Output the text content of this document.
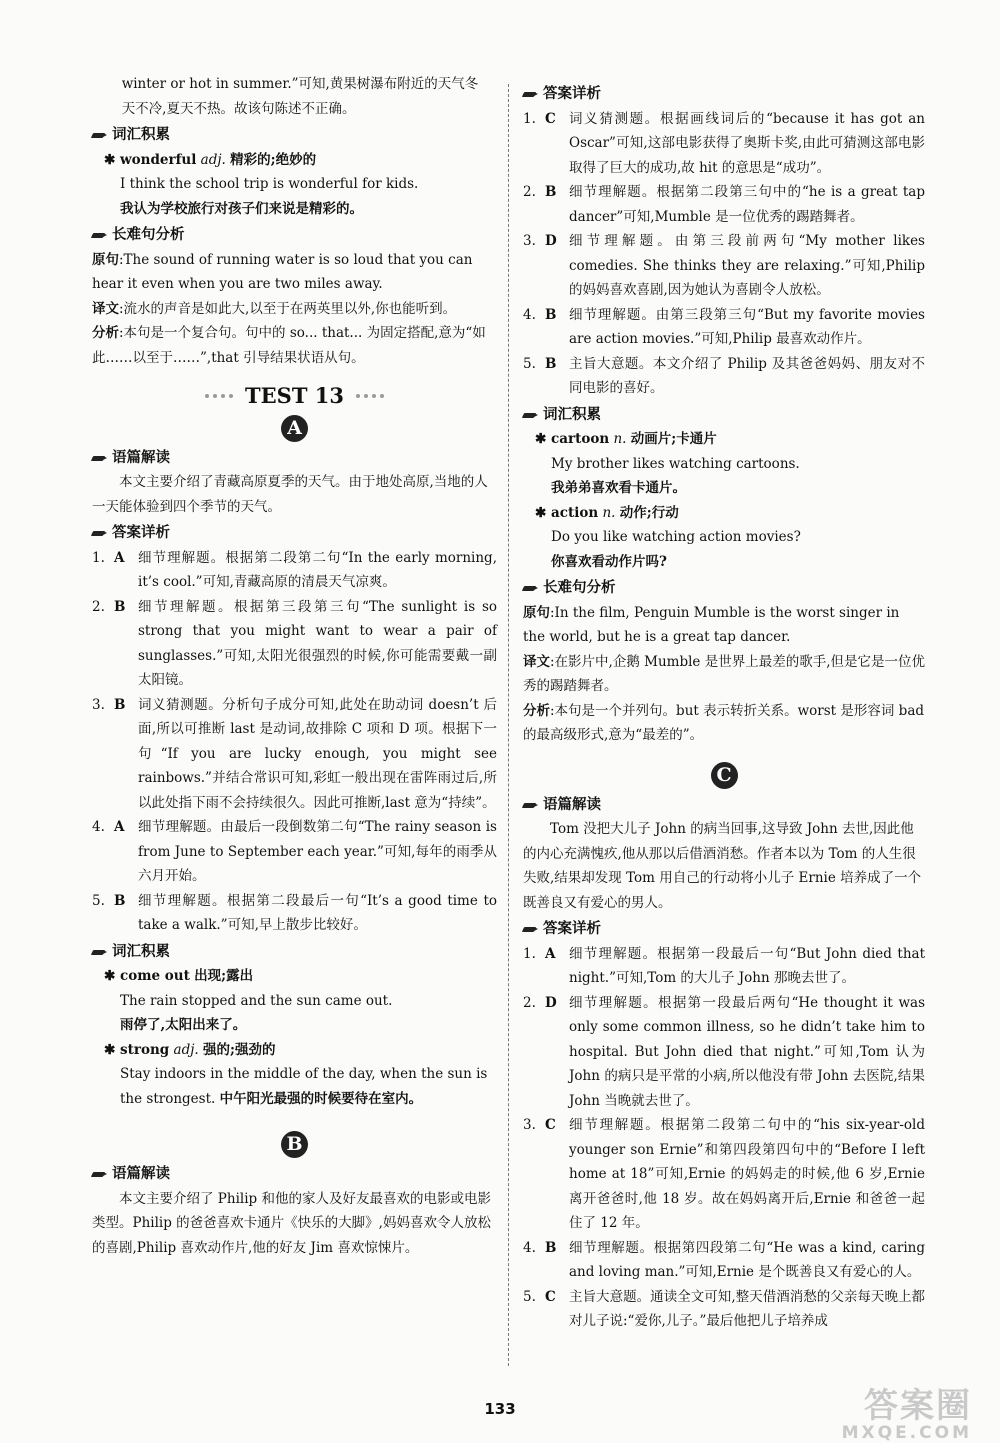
winter or hot in summer.”可知,黄果树瀑布附近的天气冬

天不冷,夏天不热。故该句陈述不正确。

词汇积累

✱ wonderful adj. 精彩的;绝妙的

I think the school trip is wonderful for kids.

我认为学校旅行对孩子们来说是精彩的。

长难句分析

原句:The sound of running water is so loud that you can hear it even when you are two miles away.

译文:流水的声音是如此大,以至于在两英里以外,你也能听到。

分析:本句是一个复合句。句中的 so... that... 为固定搭配,意为“如此……以至于……”,that 引导结果状语从句。

TEST 13
A
语篇解读

本文主要介绍了青藏高原夏季的天气。由于地处高原,当地的人一天能体验到四个季节的天气。

答案详析
1. A	细节理解题。根据第二段第二句“In the early morning, it’s cool.”可知,青藏高原的清晨天气凉爽。
2. B 细节理解题。根据第三段第三句“The sunlight is so strong that you might want to wear a pair of sunglasses.”可知,太阳光很强烈的时候,你可能需要戴一副太阳镜。
3. B 词义猜测题。分析句子成分可知,此处在助动词 doesn’t 后面,所以可推断 last 是动词,故排除 C 项和 D 项。根据下一句“If you are lucky enough, you might see rainbows.”并结合常识可知,彩虹一般出现在雷阵雨过后,所以此处指下雨不会持续很久。因此可推断,last 意为“持续”。
4. A	细节理解题。由最后一段倒数第二句“The rainy season is from June to September each year.”可知,每年的雨季从六月开始。
5. B 细节理解题。根据第二段最后一句“It’s a good time to take a walk.”可知,早上散步比较好。
词汇积累

✱ come out 出现;露出

The rain stopped and the sun came out.

雨停了,太阳出来了。

✱ strong adj. 强的;强劲的

Stay indoors in the middle of the day, when the sun is the strongest. 中午阳光最强的时候要待在室内。

B
语篇解读

本文主要介绍了 Philip 和他的家人及好友最喜欢的电影或电影类型。Philip 的爸爸喜欢卡通片《快乐的大脚》,妈妈喜欢令人放松的喜剧,Philip 喜欢动作片,他的好友 Jim 喜欢惊悚片。

答案详析
1. C 词义猜测题。根据画线词后的“because it has got an Oscar”可知,这部电影获得了奥斯卡奖,由此可猜测这部电影取得了巨大的成功,故 hit 的意思是“成功”。
2. B 细节理解题。根据第二段第三句中的“he is a great tap dancer”可知,Mumble 是一位优秀的踢踏舞者。
3. D 细节理解题。由第三段前两句“My mother likes comedies. She thinks they are relaxing.”可知,Philip 的妈妈喜欢喜剧,因为她认为喜剧令人放松。
4. B 细节理解题。由第三段第三句“But my favorite movies are action movies.”可知,Philip 最喜欢动作片。
5. B 主旨大意题。本文介绍了 Philip 及其爸爸妈妈、朋友对不同电影的喜好。
词汇积累

✱ cartoon n. 动画片;卡通片

My brother likes watching cartoons.

我弟弟喜欢看卡通片。

✱ action n. 动作;行动

Do you like watching action movies?

你喜欢看动作片吗?

长难句分析

原句:In the film, Penguin Mumble is the worst singer in the world, but he is a great tap dancer.

译文:在影片中,企鹅 Mumble 是世界上最差的歌手,但是它是一位优秀的踢踏舞者。

分析:本句是一个并列句。but 表示转折关系。worst 是形容词 bad 的最高级形式,意为“最差的”。

C
语篇解读

Tom 没把大儿子 John 的病当回事,这导致 John 去世,因此他的内心充满愧疚,他从那以后借酒消愁。作者本以为 Tom 的人生很失败,结果却发现 Tom 用自己的行动将小儿子 Ernie 培养成了一个既善良又有爱心的男人。

答案详析
1. A	细节理解题。根据第一段最后一句“But John died that night.”可知,Tom 的大儿子 John 那晚去世了。
2. D 细节理解题。根据第一段最后两句“He thought it was only some common illness, so he didn’t take him to hospital. But John died that night.”可知,Tom 认为 John 的病只是平常的小病,所以他没有带 John 去医院,结果 John 当晚就去世了。
3. C 细节理解题。根据第二段第二句中的“his six-year-old younger son Ernie”和第四段第四句中的“Before I left home at 18”可知,Ernie 的妈妈走的时候,他 6 岁,Ernie 离开爸爸时,他 18 岁。故在妈妈离开后,Ernie 和爸爸一起住了 12 年。
4. B 细节理解题。根据第四段第二句“He was a kind, caring and loving man.”可知,Ernie 是个既善良又有爱心的人。
5. C 主旨大意题。通读全文可知,整天借酒消愁的父亲每天晚上都对儿子说:“爱你,儿子。”最后他把儿子培养成
133	答案圈
MXQE.COM
